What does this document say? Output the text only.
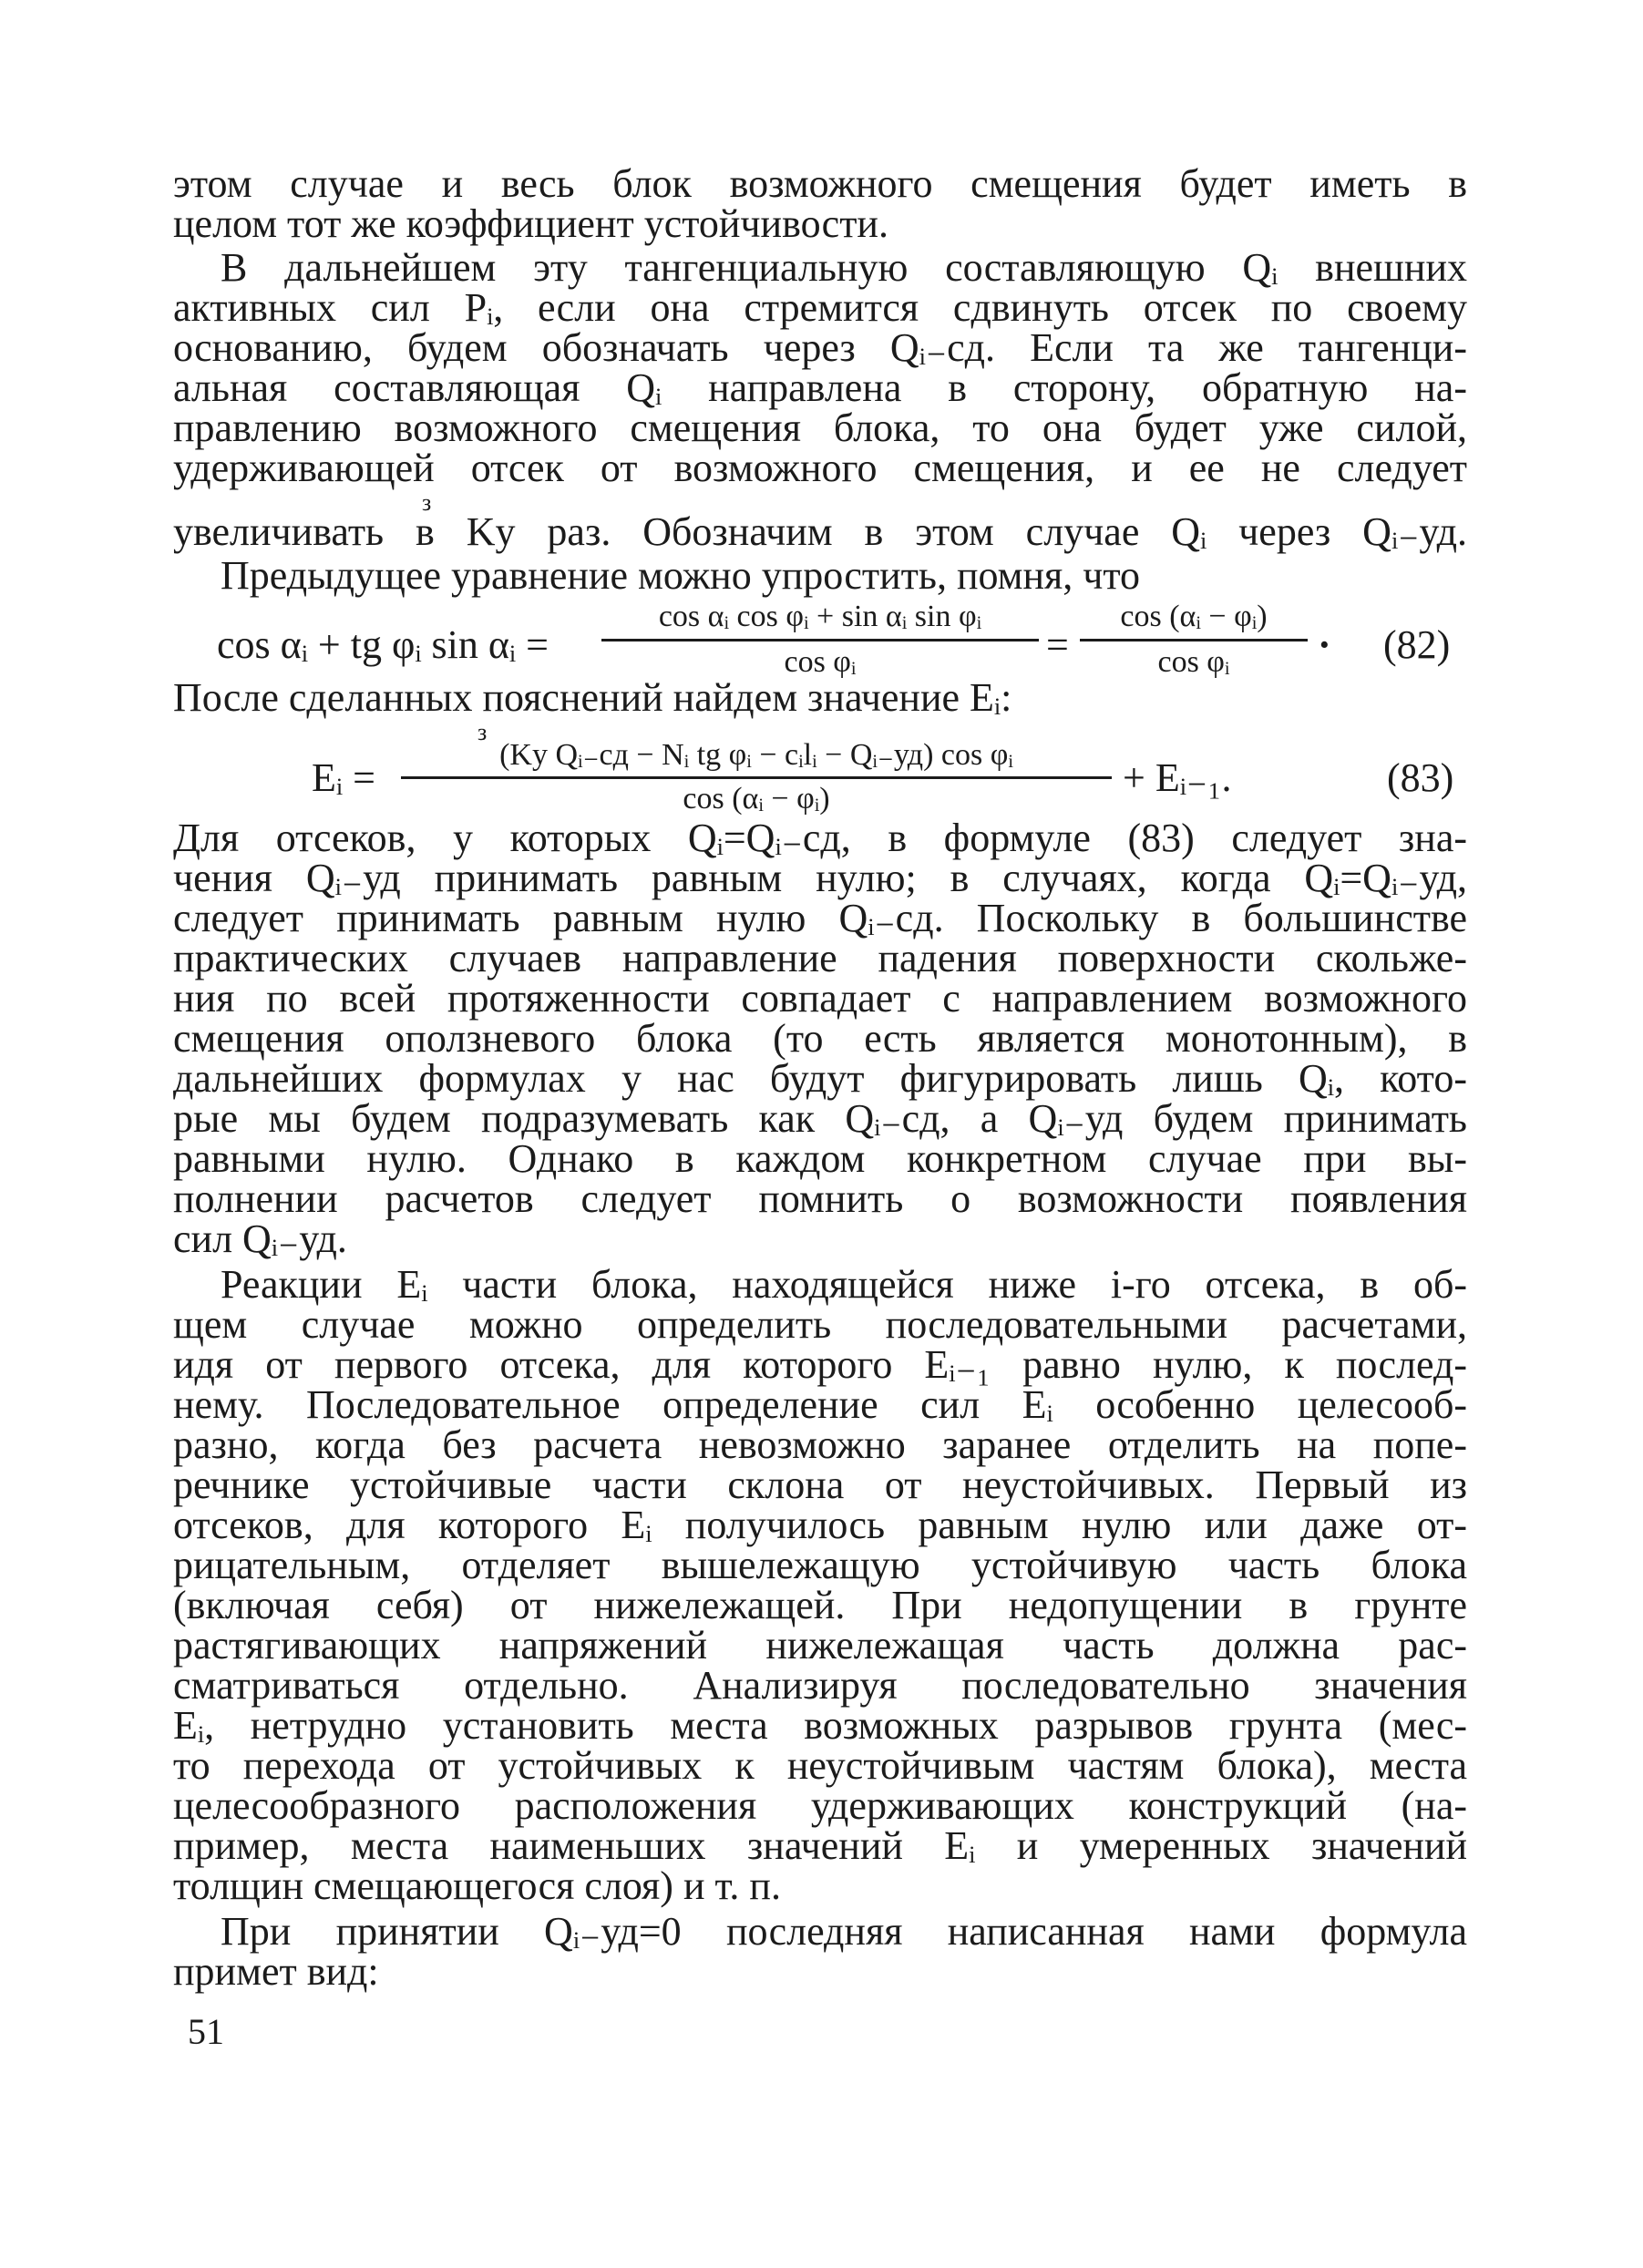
этом случае и весь блок возможного смещения будет иметь в
целом тот же коэффициент устойчивости.
В дальнейшем эту тангенциальную составляющую Qᵢ внешних
активных сил Pᵢ, если она стремится сдвинуть отсек по своему
основанию, будем обозначать через Qᵢ₋сд. Если та же тангенци-
альная составляющая Qᵢ направлена в сторону, обратную на-
правлению возможного смещения блока, то она будет уже силой,
удерживающей отсек от возможного смещения, и ее не следует
з
увеличивать в Kу раз. Обозначим в этом случае Qᵢ через Qᵢ₋уд.
Предыдущее уравнение можно упростить, помня, что
cos αᵢ + tg φᵢ sin αᵢ =
cos αᵢ cos φᵢ + sin αᵢ sin φᵢ
cos φᵢ	=
cos (αᵢ − φᵢ)
cos φᵢ	· (82)
После сделанных пояснений найдем значение Eᵢ:
з
Eᵢ =
(Kу Qᵢ₋сд − Nᵢ tg φᵢ − cᵢlᵢ − Qᵢ₋уд) cos φᵢ
cos (αᵢ − φᵢ)	+ Eᵢ₋₁.	(83)
Для отсеков, у которых Qᵢ=Qᵢ₋сд, в формуле (83) следует зна-
чения Qᵢ₋уд принимать равным нулю; в случаях, когда Qᵢ=Qᵢ₋уд,
следует принимать равным нулю Qᵢ₋сд. Поскольку в большинстве
практических случаев направление падения поверхности скольже-
ния по всей протяженности совпадает с направлением возможного
смещения оползневого блока (то есть является монотонным), в
дальнейших формулах у нас будут фигурировать лишь Qᵢ, кото-
рые мы будем подразумевать как Qᵢ₋сд, а Qᵢ₋уд будем принимать
равными нулю. Однако в каждом конкретном случае при вы-
полнении расчетов следует помнить о возможности появления
сил Qᵢ₋уд.
Реакции Eᵢ части блока, находящейся ниже i-го отсека, в об-
щем случае можно определить последовательными расчетами,
идя от первого отсека, для которого Eᵢ₋₁ равно нулю, к послед-
нему. Последовательное определение сил Eᵢ особенно целесооб-
разно, когда без расчета невозможно заранее отделить на попе-
речнике устойчивые части склона от неустойчивых. Первый из
отсеков, для которого Eᵢ получилось равным нулю или даже от-
рицательным, отделяет вышележащую устойчивую часть блока
(включая себя) от нижележащей. При недопущении в грунте
растягивающих напряжений нижележащая часть должна рас-
сматриваться отдельно. Анализируя последовательно значения
Eᵢ, нетрудно установить места возможных разрывов грунта (мес-
то перехода от устойчивых к неустойчивым частям блока), места
целесообразного расположения удерживающих конструкций (на-
пример, места наименьших значений Eᵢ и умеренных значений
толщин смещающегося слоя) и т. п.
При принятии Qᵢ₋уд=0 последняя написанная нами формула
примет вид:
51
